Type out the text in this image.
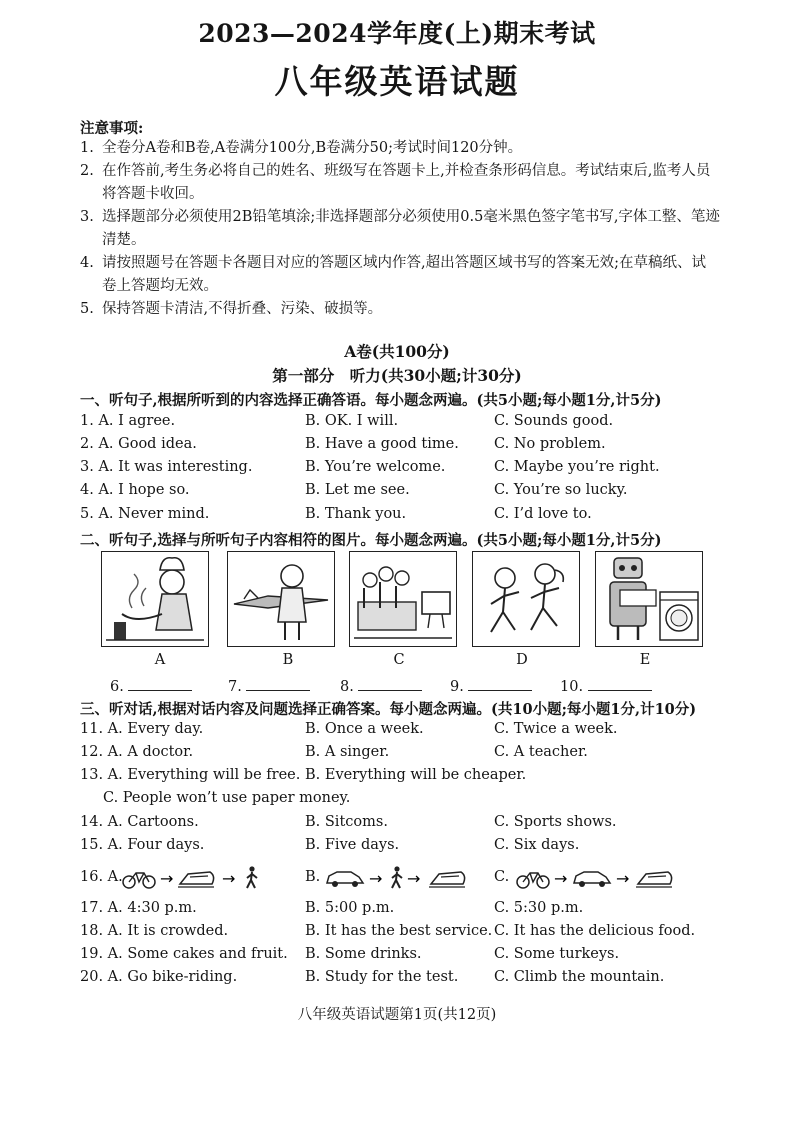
2023—2024学年度(上)期末考试
八年级英语试题
注意事项:
1. 全卷分A卷和B卷,A卷满分100分,B卷满分50;考试时间120分钟。
2. 在作答前,考生务必将自己的姓名、班级写在答题卡上,并检查条形码信息。考试结束后,监考人员将答题卡收回。
3. 选择题部分必须使用2B铅笔填涂;非选择题部分必须使用0.5毫米黑色签字笔书写,字体工整、笔迹清楚。
4. 请按照题号在答题卡各题目对应的答题区域内作答,超出答题区域书写的答案无效;在草稿纸、试卷上答题均无效。
5. 保持答题卡清洁,不得折叠、污染、破损等。
A卷(共100分)
第一部分　听力(共30小题;计30分)
一、听句子,根据所听到的内容选择正确答语。每小题念两遍。(共5小题;每小题1分,计5分)
1. A. I agree.	B. OK. I will.	C. Sounds good.
2. A. Good idea.	B. Have a good time. C. No problem.
3. A. It was interesting.	B. You’re welcome.	C. Maybe you’re right.
4. A. I hope so.	B. Let me see.	C. You’re so lucky.
5. A. Never mind.	B. Thank you.	C. I’d love to.
二、听句子,选择与所听句子内容相符的图片。每小题念两遍。(共5小题;每小题1分,计5分)
A	B	C	D	E
6.	7.	8.	9.	10.
三、听对话,根据对话内容及问题选择正确答案。每小题念两遍。(共10小题;每小题1分,计10分)
11. A. Every day.	B. Once a week.	C. Twice a week.
12. A. A doctor.	B. A singer.	C. A teacher.
13. A. Everything will be free. B. Everything will be cheaper.
C. People won’t use paper money.
14. A. Cartoons.	B. Sitcoms.	C. Sports shows.
15. A. Four days.	B. Five days.	C. Six days.
16. A. →	→	B.	→ →	C.	→	→
17. A. 4:30 p.m.	B. 5:00 p.m.	C. 5:30 p.m.
18. A. It is crowded.	B. It has the best service. C. It has the delicious food.
19. A. Some cakes and fruit. B. Some drinks.	C. Some turkeys.
20. A. Go bike-riding.	B. Study for the test. C. Climb the mountain.
八年级英语试题第1页(共12页)
